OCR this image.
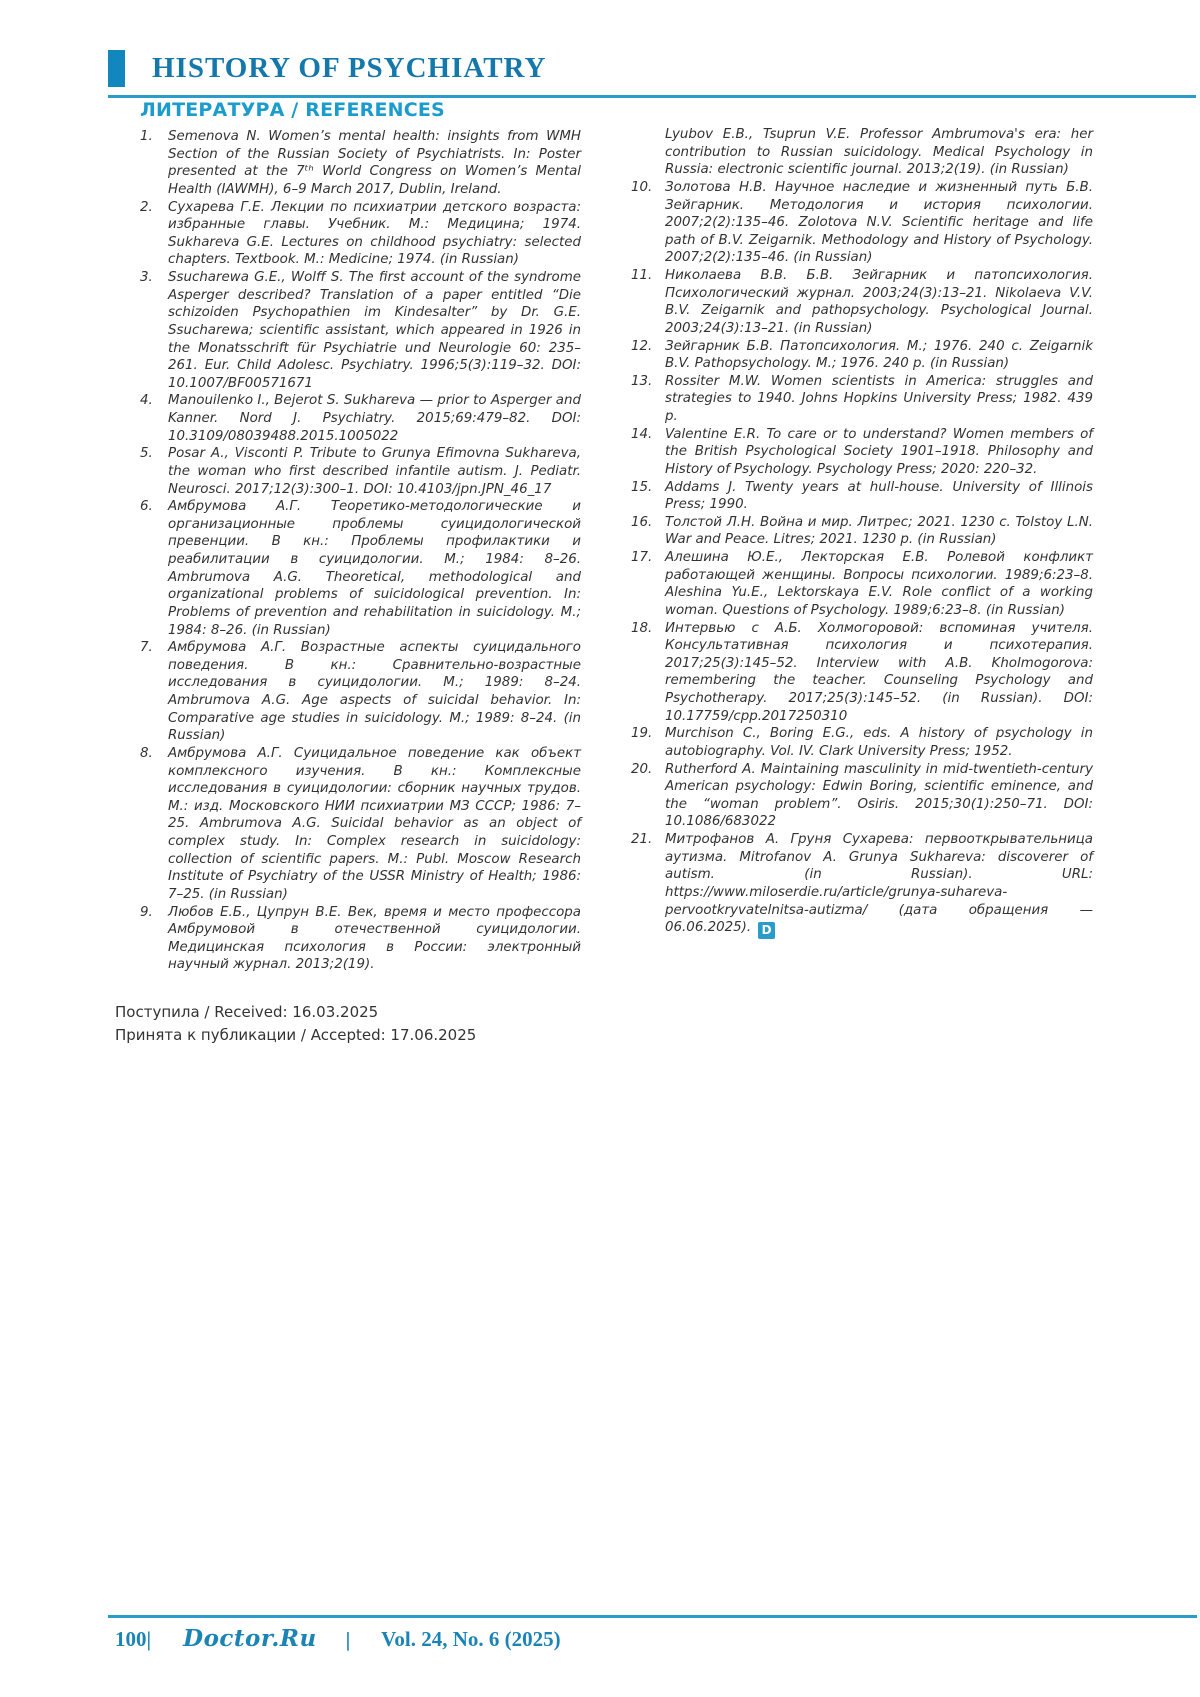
HISTORY OF PSYCHIATRY
ЛИТЕРАТУРА / REFERENCES
1.	Semenova N. Women’s mental health: insights from WMH Section of the Russian Society of Psychiatrists. In: Poster presented at the 7ᵗʰ World Congress on Women’s Mental Health (IAWMH), 6–9 March 2017, Dublin, Ireland.
2.	Сухарева Г.Е. Лекции по психиатрии детского возраста: избранные главы. Учебник. М.: Медицина; 1974. Sukhareva G.E. Lectures on childhood psychiatry: selected chapters. Textbook. M.: Medicine; 1974. (in Russian)
3.	Ssucharewa G.E., Wolff S. The first account of the syndrome Asperger described? Translation of a paper entitled “Die schizoiden Psychopathien im Kindesalter” by Dr. G.E. Ssucharewa; scientific assistant, which appeared in 1926 in the Monatsschrift für Psychiatrie und Neurologie 60: 235–261. Eur. Child Adolesc. Psychiatry. 1996;5(3):119–32. DOI: 10.1007/BF00571671
4.	Manouilenko I., Bejerot S. Sukhareva — prior to Asperger and Kanner. Nord J. Psychiatry. 2015;69:479–82. DOI: 10.3109/08039488.2015.1005022
5.	Posar A., Visconti P. Tribute to Grunya Efimovna Sukhareva, the woman who first described infantile autism. J. Pediatr. Neurosci. 2017;12(3):300–1. DOI: 10.4103/jpn.JPN_46_17
6.	Амбрумова А.Г. Теоретико-методологические и организационные проблемы суицидологической превенции. В кн.: Проблемы профилактики и реабилитации в суицидологии. М.; 1984: 8–26. Ambrumova A.G. Theoretical, methodological and organizational problems of suicidological prevention. In: Problems of prevention and rehabilitation in suicidology. M.; 1984: 8–26. (in Russian)
7.	Амбрумова А.Г. Возрастные аспекты суицидального поведения. В кн.: Сравнительно-возрастные исследования в суицидологии. М.; 1989: 8–24. Ambrumova A.G. Age aspects of suicidal behavior. In: Comparative age studies in suicidology. M.; 1989: 8–24. (in Russian)
8.	Амбрумова А.Г. Суицидальное поведение как объект комплексного изучения. В кн.: Комплексные исследования в суицидологии: сборник научных трудов. М.: изд. Московского НИИ психиатрии МЗ СССР; 1986: 7–25. Ambrumova A.G. Suicidal behavior as an object of complex study. In: Complex research in suicidology: collection of scientific papers. M.: Publ. Moscow Research Institute of Psychiatry of the USSR Ministry of Health; 1986: 7–25. (in Russian)
9.	Любов Е.Б., Цупрун В.Е. Век, время и место профессора Амбрумовой в отечественной суицидологии. Медицинская психология в России: электронный научный журнал. 2013;2(19).

Поступила / Received: 16.03.2025

Принята к публикации / Accepted: 17.06.2025

Lyubov E.B., Tsuprun V.E. Professor Ambrumova's era: her contribution to Russian suicidology. Medical Psychology in Russia: electronic scientific journal. 2013;2(19). (in Russian)

10. Золотова Н.В. Научное наследие и жизненный путь Б.В. Зейгарник. Методология и история психологии. 2007;2(2):135–46. Zolotova N.V. Scientific heritage and life path of B.V. Zeigarnik. Methodology and History of Psychology. 2007;2(2):135–46. (in Russian)
11. Николаева В.В. Б.В. Зейгарник и патопсихология. Психологический журнал. 2003;24(3):13–21. Nikolaeva V.V. B.V. Zeigarnik and pathopsychology. Psychological Journal. 2003;24(3):13–21. (in Russian)
12. Зейгарник Б.В. Патопсихология. М.; 1976. 240 с. Zeigarnik B.V. Pathopsychology. M.; 1976. 240 p. (in Russian)
13. Rossiter M.W. Women scientists in America: struggles and strategies to 1940. Johns Hopkins University Press; 1982. 439 p.
14. Valentine E.R. To care or to understand? Women members of the British Psychological Society 1901–1918. Philosophy and History of Psychology. Psychology Press; 2020: 220–32.
15. Addams J. Twenty years at hull-house. University of Illinois Press; 1990.
16. Толстой Л.Н. Война и мир. Литрес; 2021. 1230 с. Tolstoy L.N. War and Peace. Litres; 2021. 1230 p. (in Russian)
17. Алешина Ю.Е., Лекторская Е.В. Ролевой конфликт работающей женщины. Вопросы психологии. 1989;6:23–8. Aleshina Yu.E., Lektorskaya E.V. Role conflict of a working woman. Questions of Psychology. 1989;6:23–8. (in Russian)
18. Интервью с А.Б. Холмогоровой: вспоминая учителя. Консультативная психология и психотерапия. 2017;25(3):145–52. Interview with A.B. Kholmogorova: remembering the teacher. Counseling Psychology and Psychotherapy. 2017;25(3):145–52. (in Russian). DOI: 10.17759/cpp.2017250310
19. Murchison C., Boring E.G., eds. A history of psychology in autobiography. Vol. IV. Clark University Press; 1952.
20. Rutherford A. Maintaining masculinity in mid-twentieth-century American psychology: Edwin Boring, scientific eminence, and the “woman problem”. Osiris. 2015;30(1):250–71. DOI: 10.1086/683022
21. Митрофанов А. Груня Сухарева: первооткрывательница аутизма. Mitrofanov A. Grunya Sukhareva: discoverer of autism. (in Russian). URL: https://www.miloserdie.ru/article/grunya-suhareva-pervootkryvatelnitsa-autizma/ (дата обращения — 06.06.2025). D
100| Doctor.Ru | Vol. 24, No. 6 (2025)
